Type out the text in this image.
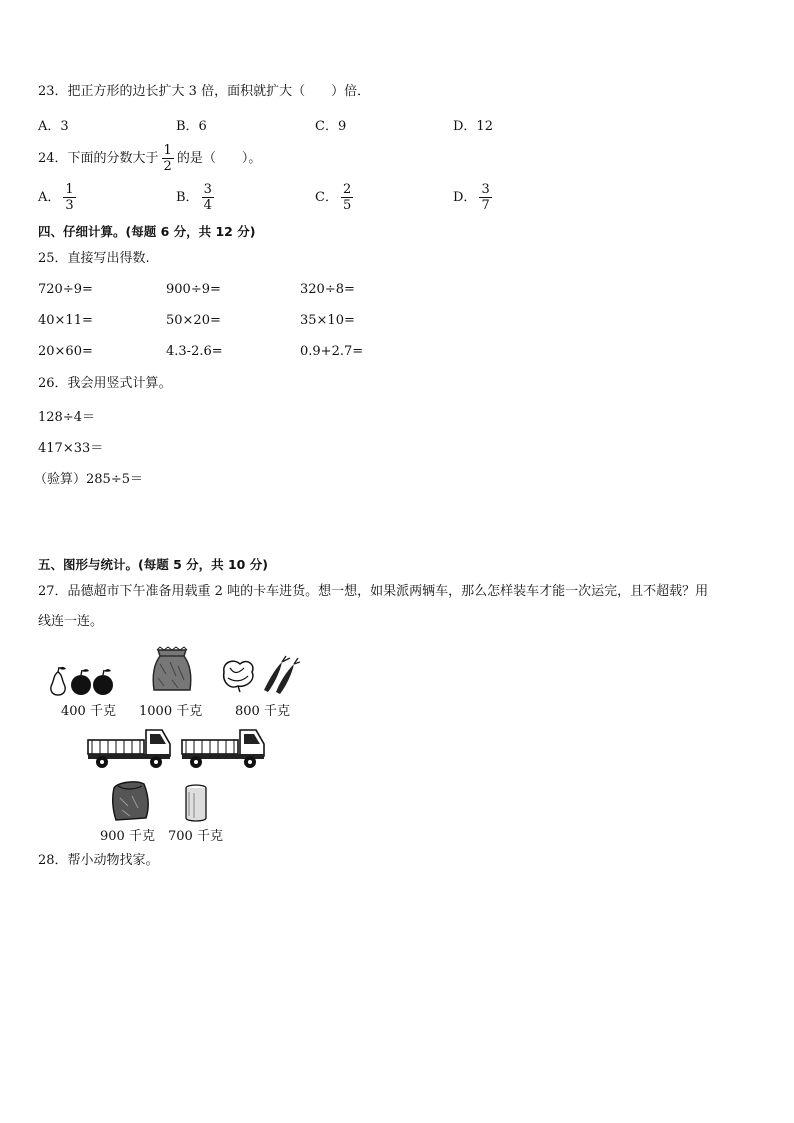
23．把正方形的边长扩大 3 倍，面积就扩大（　　）倍．
A．3	B．6	C．9	D．12
24．下面的分数大于 $\frac{1}{2}$ 的是（　　）。
A． $\frac{1}{3}$	B． $\frac{3}{4}$	C． $\frac{2}{5}$	D． $\frac{3}{7}$
四、仔细计算。(每题 6 分，共 12 分)
25．直接写出得数.
720÷9=	900÷9=	320÷8=
40×11=	50×20=	35×10=
20×60=	4.3-2.6=	0.9+2.7=
26．我会用竖式计算。
128÷4＝
417×33＝
（验算）285÷5＝
五、图形与统计。(每题 5 分，共 10 分)
27．品德超市下午准备用载重 2 吨的卡车进货。想一想，如果派两辆车，那么怎样装车才能一次运完，且不超载？用
线连一连。
400 千克 1000 千克	800 千克
900 千克 700 千克
28．帮小动物找家。
